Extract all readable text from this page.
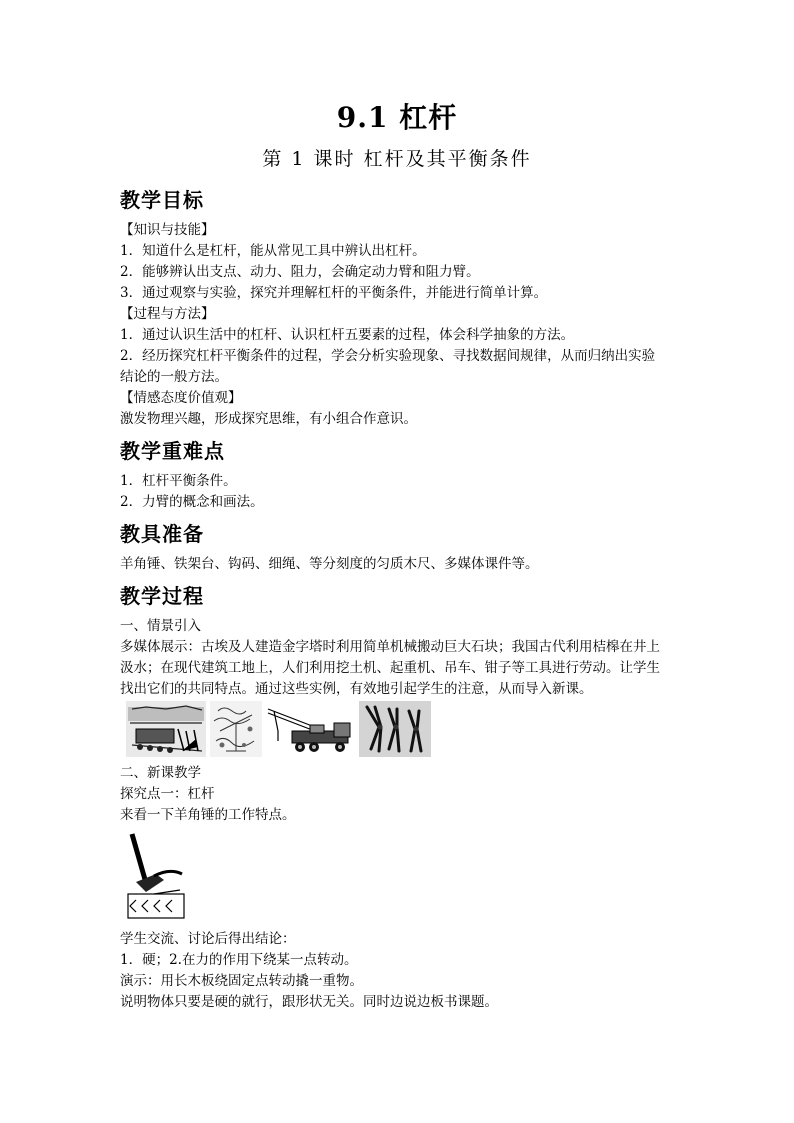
9.1 杠杆
第 1 课时 杠杆及其平衡条件
教学目标
【知识与技能】
1．知道什么是杠杆，能从常见工具中辨认出杠杆。
2．能够辨认出支点、动力、阻力，会确定动力臂和阻力臂。
3．通过观察与实验，探究并理解杠杆的平衡条件，并能进行简单计算。
【过程与方法】
1．通过认识生活中的杠杆、认识杠杆五要素的过程，体会科学抽象的方法。
2．经历探究杠杆平衡条件的过程，学会分析实验现象、寻找数据间规律，从而归纳出实验
结论的一般方法。
【情感态度价值观】
激发物理兴趣，形成探究思维，有小组合作意识。
教学重难点
1．杠杆平衡条件。
2．力臂的概念和画法。
教具准备
羊角锤、铁架台、钩码、细绳、等分刻度的匀质木尺、多媒体课件等。
教学过程
一、情景引入
多媒体展示：古埃及人建造金字塔时利用简单机械搬动巨大石块；我国古代利用桔槔在井上
汲水；在现代建筑工地上，人们利用挖土机、起重机、吊车、钳子等工具进行劳动。让学生
找出它们的共同特点。通过这些实例，有效地引起学生的注意，从而导入新课。
二、新课教学
探究点一：杠杆
来看一下羊角锤的工作特点。
学生交流、讨论后得出结论：
1．硬；2.在力的作用下绕某一点转动。
演示：用长木板绕固定点转动撬一重物。
说明物体只要是硬的就行，跟形状无关。同时边说边板书课题。
